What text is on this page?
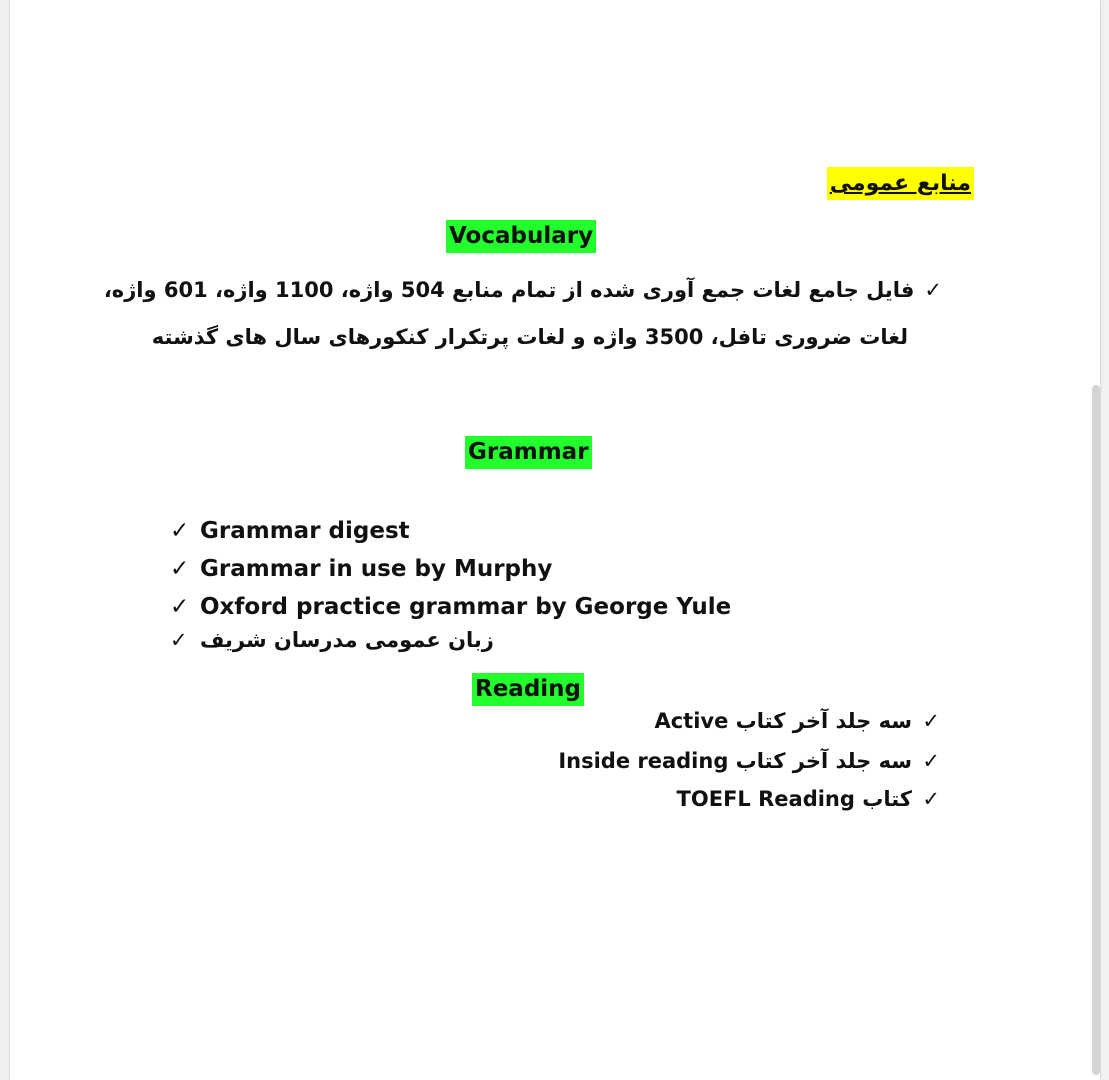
منابع عمومی
Vocabulary
✓فایل جامع لغات جمع آوری شده از تمام منابع 504 واژه، 1100 واژه، 601 واژه،
لغات ضروری تافل، 3500 واژه و لغات پرتکرار کنکورهای سال های گذشته
Grammar
✓ Grammar digest
✓ Grammar in use by Murphy
✓ Oxford practice grammar by George Yule
✓ زبان عمومی مدرسان شریف
Reading
✓سه جلد آخر کتاب Active
✓سه جلد آخر کتاب Inside reading
✓کتاب TOEFL Reading
